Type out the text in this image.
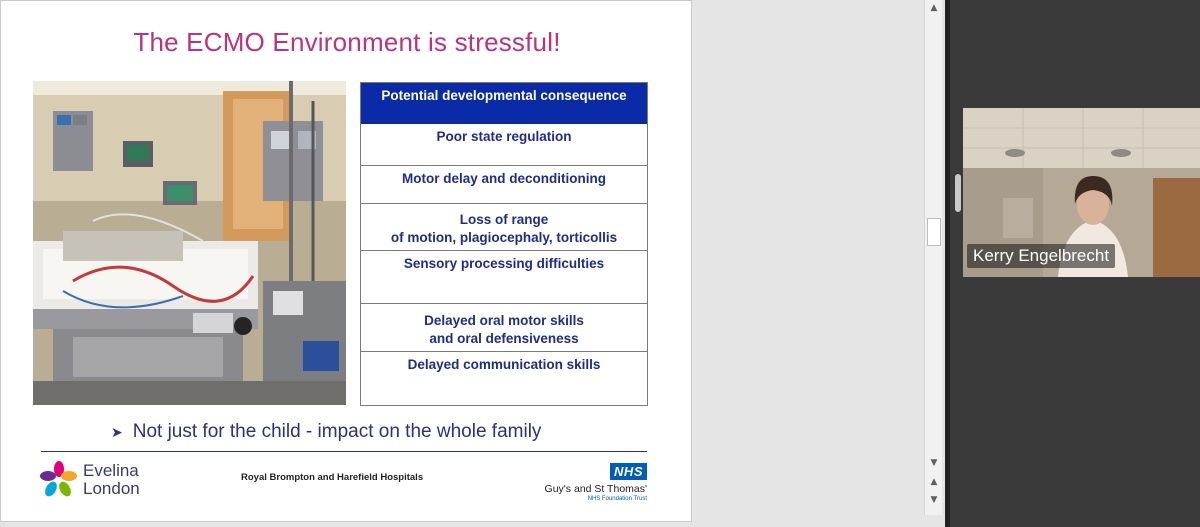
The ECMO Environment is stressful!
Potential developmental consequence
Poor state regulation
Motor delay and deconditioning
Loss of range
of motion, plagiocephaly, torticollis
Sensory processing difficulties
Delayed oral motor skills
and oral defensiveness
Delayed communication skills
➤ Not just for the child - impact on the whole family
Evelina
London
Royal Brompton and Harefield Hospitals	NHS
Guy's and St Thomas'
NHS Foundation Trust
▲
▼
▲
▼
Kerry Engelbrecht
